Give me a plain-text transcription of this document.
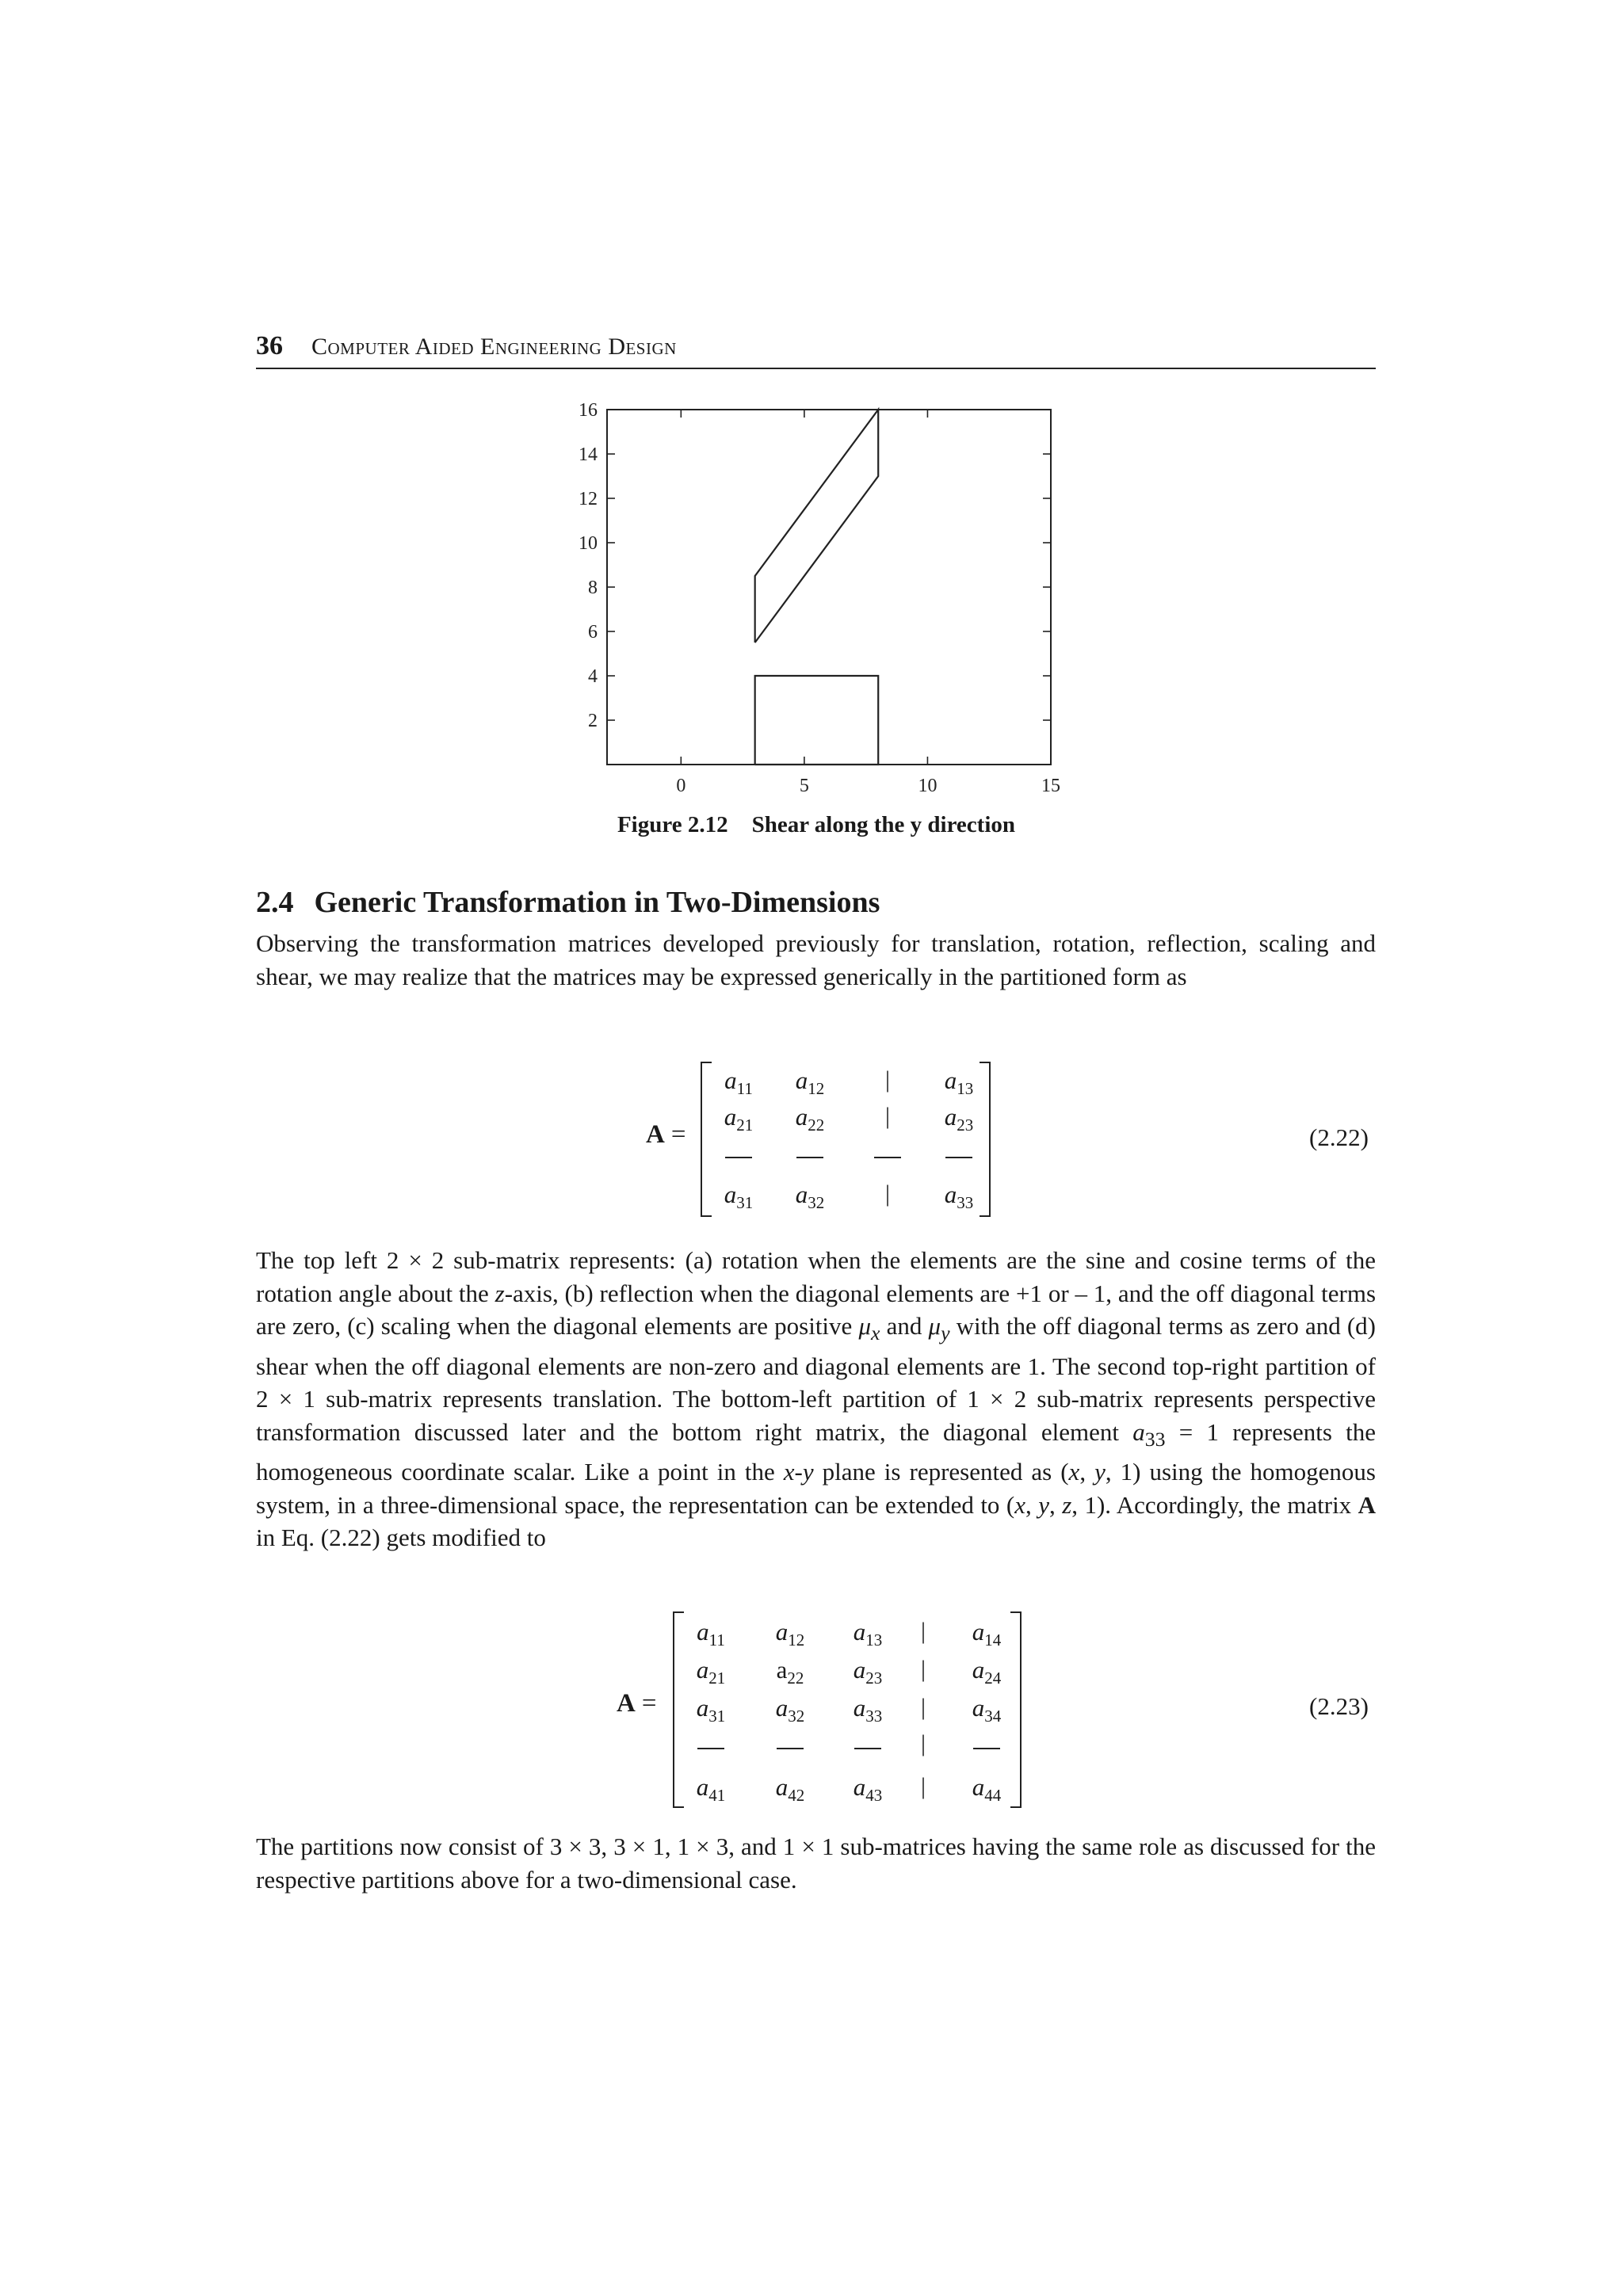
36 Computer Aided Engineering Design
0	5	10	15
2
4
6
8
10
12
14
16
Figure 2.12 Shear along the y direction
2.4 Generic Transformation in Two-Dimensions
Observing the transformation matrices developed previously for translation, rotation, reflection, scaling and shear, we may realize that the matrices may be expressed generically in the partitioned form as
A =
$a_{11}$ $a_{12}$	| $a_{13}$
$a_{21}$ $a_{22}$	| $a_{23}$
$a_{31}$ $a_{32}$	| $a_{33}$
(2.22)
The top left 2 × 2 sub-matrix represents: (a) rotation when the elements are the sine and cosine terms of the rotation angle about the z-axis, (b) reflection when the diagonal elements are +1 or – 1, and the off diagonal terms are zero, (c) scaling when the diagonal elements are positive $\mu_x$ and $\mu_y$ with the off diagonal terms as zero and (d) shear when the off diagonal elements are non-zero and diagonal elements are 1. The second top-right partition of 2 × 1 sub-matrix represents translation. The bottom-left partition of 1 × 2 sub-matrix represents perspective transformation discussed later and the bottom right matrix, the diagonal element $a_{33} = 1$ represents the homogeneous coordinate scalar. Like a point in the x-y plane is represented as (x, y, 1) using the homogenous system, in a three-dimensional space, the representation can be extended to (x, y, z, 1). Accordingly, the matrix A in Eq. (2.22) gets modified to
A =
$a_{11}$ $a_{12}$ $a_{13}$ | $a_{14}$
$a_{21}$ $a_{22}$ $a_{23}$ | $a_{24}$
$a_{31}$ $a_{32}$ $a_{33}$ | $a_{34}$
|
$a_{41}$ $a_{42}$ $a_{43}$ | $a_{44}$
(2.23)
The partitions now consist of 3 × 3, 3 × 1, 1 × 3, and 1 × 1 sub-matrices having the same role as discussed for the respective partitions above for a two-dimensional case.
